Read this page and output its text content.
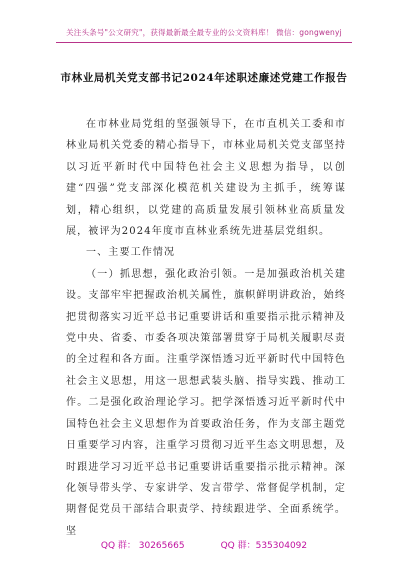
关注头条号"公文研究"，获得最新最全最专业的公文资料库！ 微信：gongwenyj
市林业局机关党支部书记2024年述职述廉述党建工作报告

在市林业局党组的坚强领导下，在市直机关工委和市林业局机关党委的精心指导下，市林业局机关党支部坚持以习近平新时代中国特色社会主义思想为指导，以创建“四强”党支部深化模范机关建设为主抓手，统筹谋划，精心组织，以党建的高质量发展引领林业高质量发展，被评为2024年度市直林业系统先进基层党组织。

一、主要工作情况

（一）抓思想，强化政治引领。一是加强政治机关建设。支部牢牢把握政治机关属性，旗帜鲜明讲政治，始终把贯彻落实习近平总书记重要讲话和重要指示批示精神及党中央、省委、市委各项决策部署贯穿于局机关履职尽责的全过程和各方面。注重学深悟透习近平新时代中国特色社会主义思想，用这一思想武装头脑、指导实践、推动工作。二是强化政治理论学习。把学深悟透习近平新时代中国特色社会主义思想作为首要政治任务，作为支部主题党日重要学习内容，注重学习贯彻习近平生态文明思想，及时跟进学习习近平总书记重要讲话重要指示批示精神。深化领导带头学、专家讲学、发言带学、常督促学机制，定期督促党员干部结合职责学、持续跟进学、全面系统学。坚

QQ 群： 30265665	QQ 群：535304092
